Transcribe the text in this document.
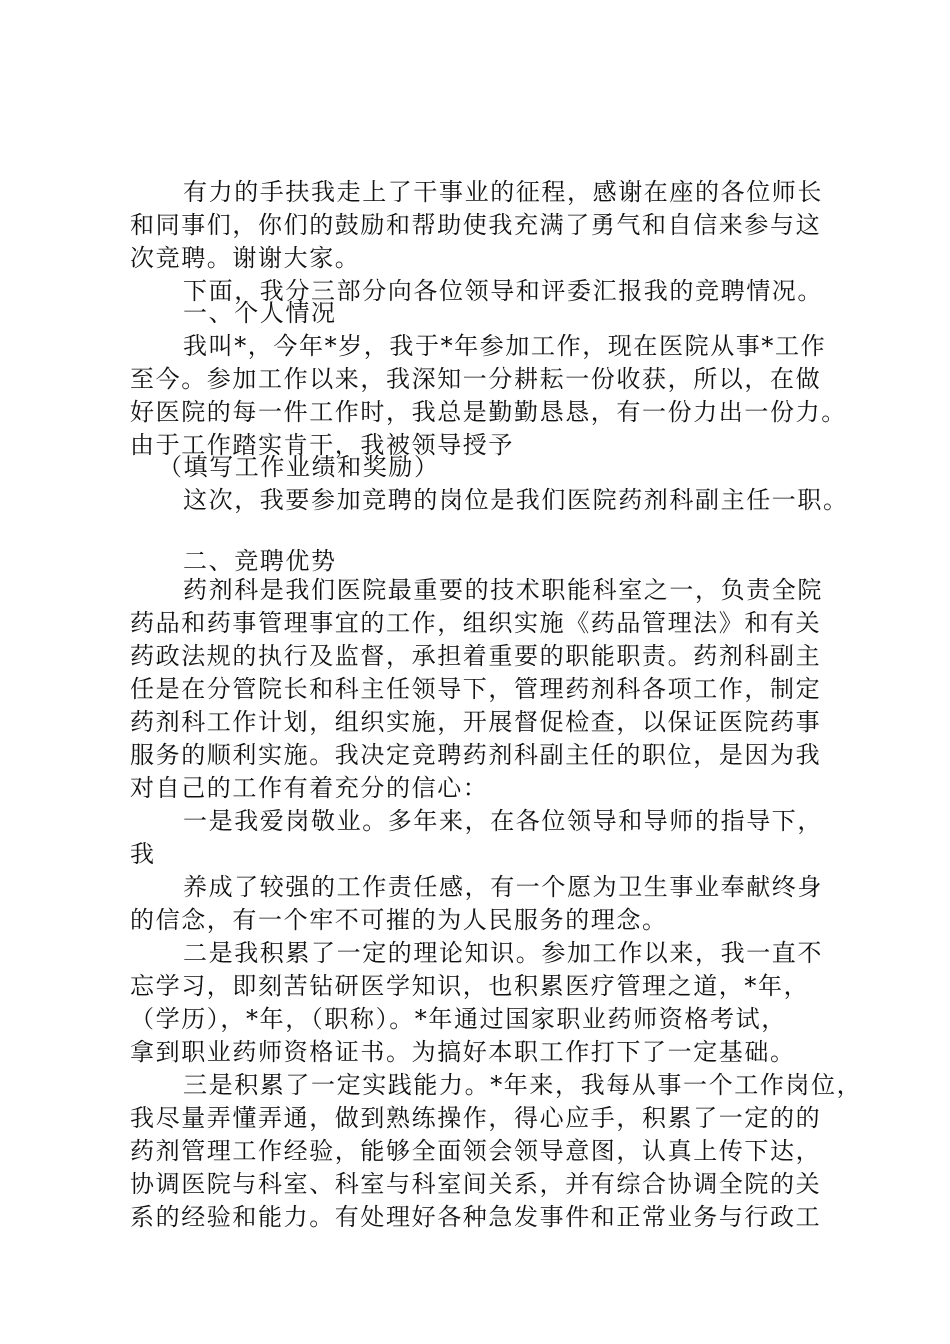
有力的手扶我走上了干事业的征程，感谢在座的各位师长
和同事们，你们的鼓励和帮助使我充满了勇气和自信来参与这
次竞聘。谢谢大家。
下面，我分三部分向各位领导和评委汇报我的竞聘情况。
一、个人情况
我叫*，今年*岁，我于*年参加工作，现在医院从事*工作
至今。参加工作以来，我深知一分耕耘一份收获，所以，在做
好医院的每一件工作时，我总是勤勤恳恳，有一份力出一份力。
由于工作踏实肯干，我被领导授予
（填写工作业绩和奖励）
这次，我要参加竞聘的岗位是我们医院药剂科副主任一职。
二、竞聘优势
药剂科是我们医院最重要的技术职能科室之一，负责全院
药品和药事管理事宜的工作，组织实施《药品管理法》和有关
药政法规的执行及监督，承担着重要的职能职责。药剂科副主
任是在分管院长和科主任领导下，管理药剂科各项工作，制定
药剂科工作计划，组织实施，开展督促检查，以保证医院药事
服务的顺利实施。我决定竞聘药剂科副主任的职位，是因为我
对自己的工作有着充分的信心：
一是我爱岗敬业。多年来，在各位领导和导师的指导下，
我
养成了较强的工作责任感，有一个愿为卫生事业奉献终身
的信念，有一个牢不可摧的为人民服务的理念。
二是我积累了一定的理论知识。参加工作以来，我一直不
忘学习，即刻苦钻研医学知识，也积累医疗管理之道，*年，
（学历），*年，（职称）。*年通过国家职业药师资格考试，
拿到职业药师资格证书。为搞好本职工作打下了一定基础。
三是积累了一定实践能力。*年来，我每从事一个工作岗位，
我尽量弄懂弄通，做到熟练操作，得心应手，积累了一定的的
药剂管理工作经验，能够全面领会领导意图，认真上传下达，
协调医院与科室、科室与科室间关系，并有综合协调全院的关
系的经验和能力。有处理好各种急发事件和正常业务与行政工
